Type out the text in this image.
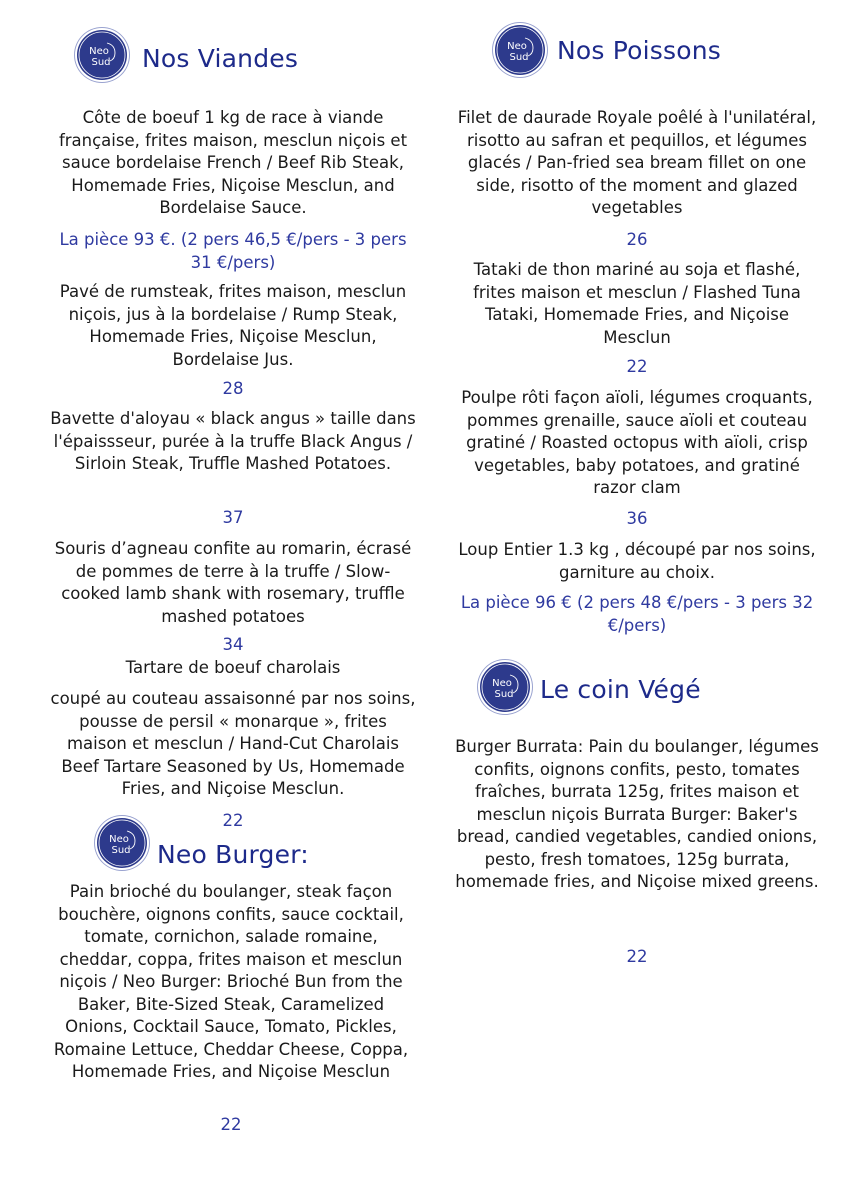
Neo
Sud
Neo
Sud
Neo
Sud
Neo
Sud
Nos Viandes	Nos Poissons
Neo Burger:
Le coin Végé
Côte de boeuf 1 kg de race à viande française, frites maison, mesclun niçois et sauce bordelaise French / Beef Rib Steak, Homemade Fries, Niçoise Mesclun, and Bordelaise Sauce.
La pièce 93 €. (2 pers 46,5 €/pers - 3 pers 31 €/pers)
Pavé de rumsteak, frites maison, mesclun niçois, jus à la bordelaise / Rump Steak, Homemade Fries, Niçoise Mesclun, Bordelaise Jus.
28
Bavette d'aloyau « black angus » taille dans l'épaissseur, purée à la truffe Black Angus / Sirloin Steak, Truffle Mashed Potatoes.
37
Souris d’agneau confite au romarin, écrasé de pommes de terre à la truffe / Slow-cooked lamb shank with rosemary, truffle mashed potatoes
34
Tartare de boeuf charolais
coupé au couteau assaisonné par nos soins, pousse de persil « monarque », frites maison et mesclun / Hand-Cut Charolais Beef Tartare Seasoned by Us, Homemade Fries, and Niçoise Mesclun.
22
Pain brioché du boulanger, steak façon bouchère, oignons confits, sauce cocktail, tomate, cornichon, salade romaine, cheddar, coppa, frites maison et mesclun niçois / Neo Burger: Brioché Bun from the Baker, Bite-Sized Steak, Caramelized Onions, Cocktail Sauce, Tomato, Pickles, Romaine Lettuce, Cheddar Cheese, Coppa, Homemade Fries, and Niçoise Mesclun
22
Filet de daurade Royale poêlé à l'unilatéral, risotto au safran et pequillos, et légumes glacés / Pan-fried sea bream fillet on one side, risotto of the moment and glazed vegetables
26
Tataki de thon mariné au soja et flashé, frites maison et mesclun / Flashed Tuna Tataki, Homemade Fries, and Niçoise Mesclun
22
Poulpe rôti façon aïoli, légumes croquants, pommes grenaille, sauce aïoli et couteau gratiné / Roasted octopus with aïoli, crisp vegetables, baby potatoes, and gratiné razor clam
36
Loup Entier 1.3 kg , découpé par nos soins, garniture au choix.
La pièce 96 € (2 pers 48 €/pers - 3 pers 32 €/pers)
Burger Burrata: Pain du boulanger, légumes confits, oignons confits, pesto, tomates fraîches, burrata 125g, frites maison et mesclun niçois Burrata Burger: Baker's bread, candied vegetables, candied onions, pesto, fresh tomatoes, 125g burrata, homemade fries, and Niçoise mixed greens.
22
